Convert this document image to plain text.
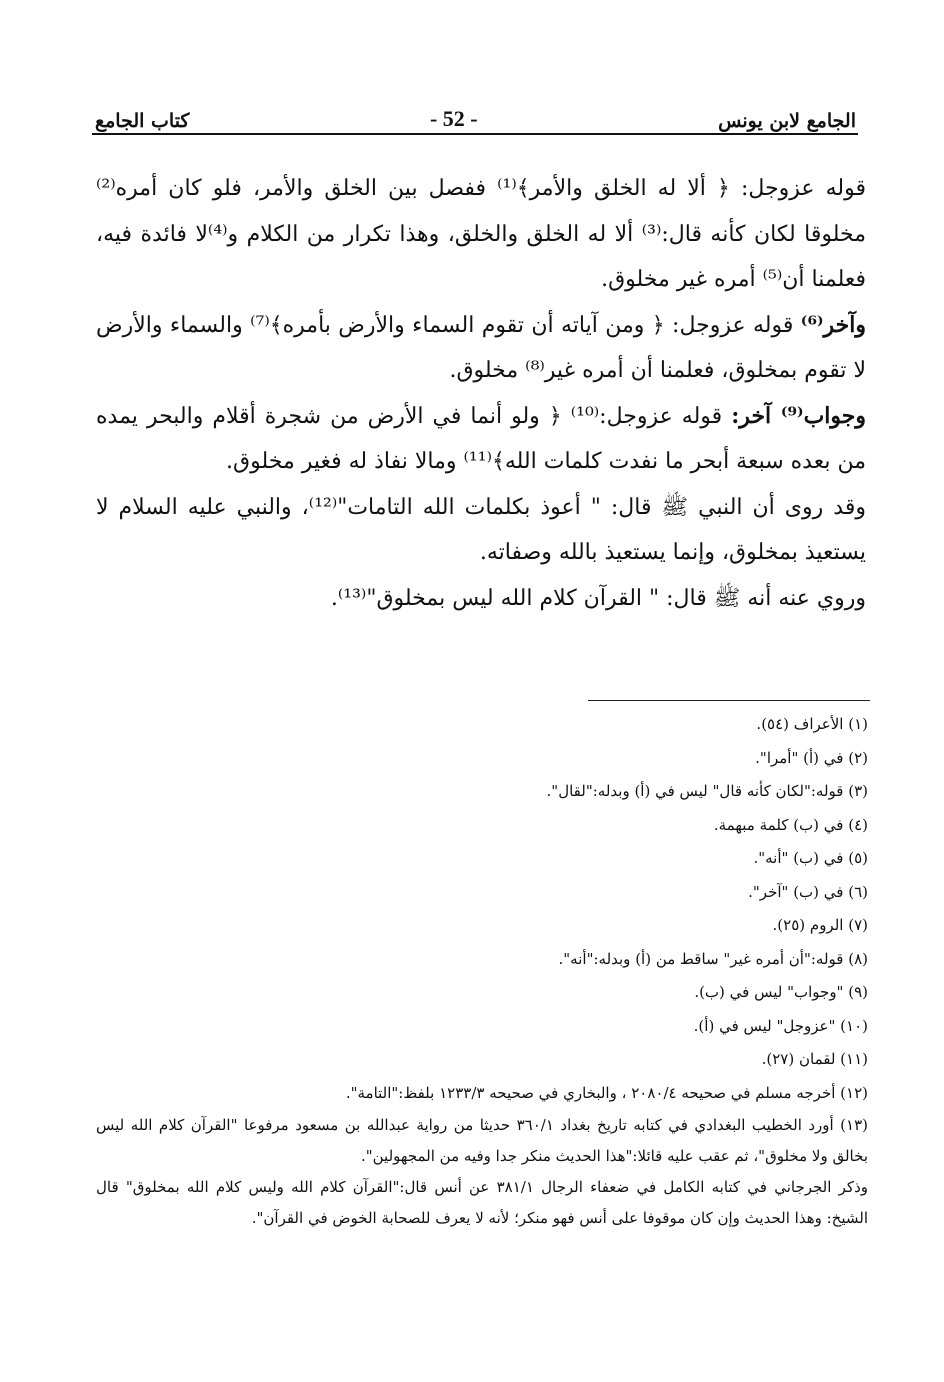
كتاب الجامع	- 52 -	الجامع لابن يونس

قوله عزوجل: ﴿ ألا له الخلق والأمر﴾⁽¹⁾ ففصل بين الخلق والأمر، فلو كان أمره⁽²⁾ مخلوقا لكان كأنه قال:⁽³⁾ ألا له الخلق والخلق، وهذا تكرار من الكلام و⁽⁴⁾لا فائدة فيه، فعلمنا أن⁽⁵⁾ أمره غير مخلوق.

وآخر⁽⁶⁾ قوله عزوجل: ﴿ ومن آياته أن تقوم السماء والأرض بأمره﴾⁽⁷⁾ والسماء والأرض لا تقوم بمخلوق، فعلمنا أن أمره غير⁽⁸⁾ مخلوق.

وجواب⁽⁹⁾ آخر: قوله عزوجل:⁽¹⁰⁾ ﴿ ولو أنما في الأرض من شجرة أقلام والبحر يمده من بعده سبعة أبحر ما نفدت كلمات الله﴾⁽¹¹⁾ ومالا نفاذ له فغير مخلوق.

وقد روى أن النبي ﷺ قال: " أعوذ بكلمات الله التامات"⁽¹²⁾، والنبي عليه السلام لا يستعيذ بمخلوق، وإنما يستعيذ بالله وصفاته.

وروي عنه أنه ﷺ قال: " القرآن كلام الله ليس بمخلوق"⁽¹³⁾.

(١) الأعراف (٥٤).

(٢) في (أ) "أمرا".

(٣) قوله:"لكان كأنه قال" ليس في (أ) وبدله:"لقال".

(٤) في (ب) كلمة مبهمة.

(٥) في (ب) "أنه".

(٦) في (ب) "آخر".

(٧) الروم (٢٥).

(٨) قوله:"أن أمره غير" ساقط من (أ) وبدله:"أنه".

(٩) "وجواب" ليس في (ب).

(١٠) "عزوجل" ليس في (أ).

(١١) لقمان (٢٧).

(١٢) أخرجه مسلم في صحيحه ٢٠٨٠/٤ ، والبخاري في صحيحه ١٢٣٣/٣ بلفظ:"التامة".

(١٣) أورد الخطيب البغدادي في كتابه تاريخ بغداد ٣٦٠/١ حديثا من رواية عبدالله بن مسعود مرفوعا "القرآن كلام الله ليس بخالق ولا مخلوق"، ثم عقب عليه قائلا:"هذا الحديث منكر جدا وفيه من المجهولين".

وذكر الجرجاني في كتابه الكامل في ضعفاء الرجال ٣٨١/١ عن أنس قال:"القرآن كلام الله وليس كلام الله بمخلوق" قال الشيخ: وهذا الحديث وإن كان موقوفا على أنس فهو منكر؛ لأنه لا يعرف للصحابة الخوض في القرآن".
